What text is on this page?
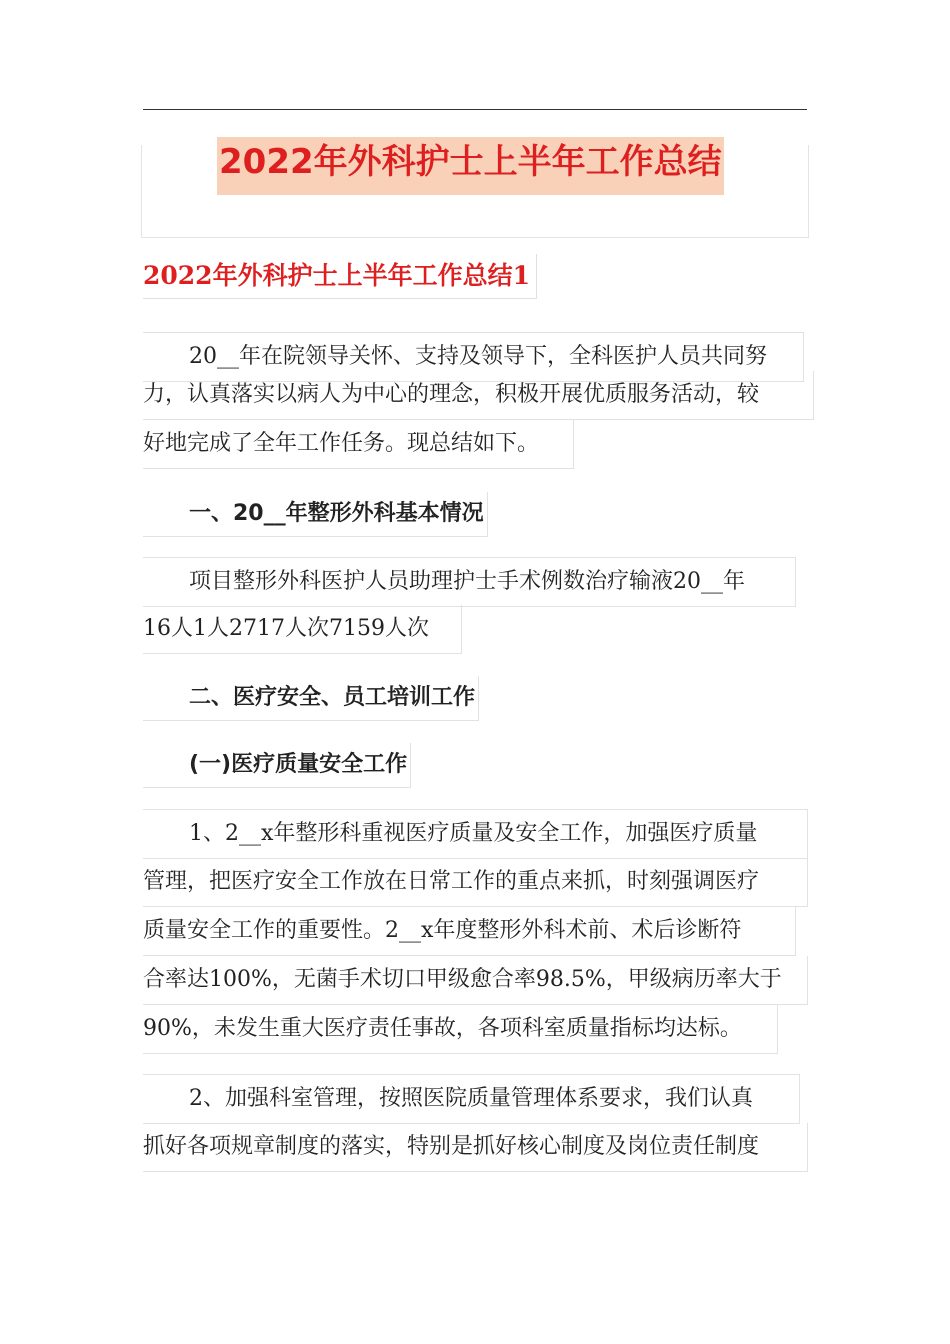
2022年外科护士上半年工作总结
2022年外科护士上半年工作总结1
20__年在院领导关怀、支持及领导下，全科医护人员共同努
力，认真落实以病人为中心的理念，积极开展优质服务活动，较
好地完成了全年工作任务。现总结如下。
一、20__年整形外科基本情况
项目整形外科医护人员助理护士手术例数治疗输液20__年
16人1人2717人次7159人次
二、医疗安全、员工培训工作
(一)医疗质量安全工作
1、2__x年整形科重视医疗质量及安全工作，加强医疗质量
管理，把医疗安全工作放在日常工作的重点来抓，时刻强调医疗
质量安全工作的重要性。2__x年度整形外科术前、术后诊断符
合率达100%，无菌手术切口甲级愈合率98.5%，甲级病历率大于
90%，未发生重大医疗责任事故，各项科室质量指标均达标。
2、加强科室管理，按照医院质量管理体系要求，我们认真
抓好各项规章制度的落实，特别是抓好核心制度及岗位责任制度
